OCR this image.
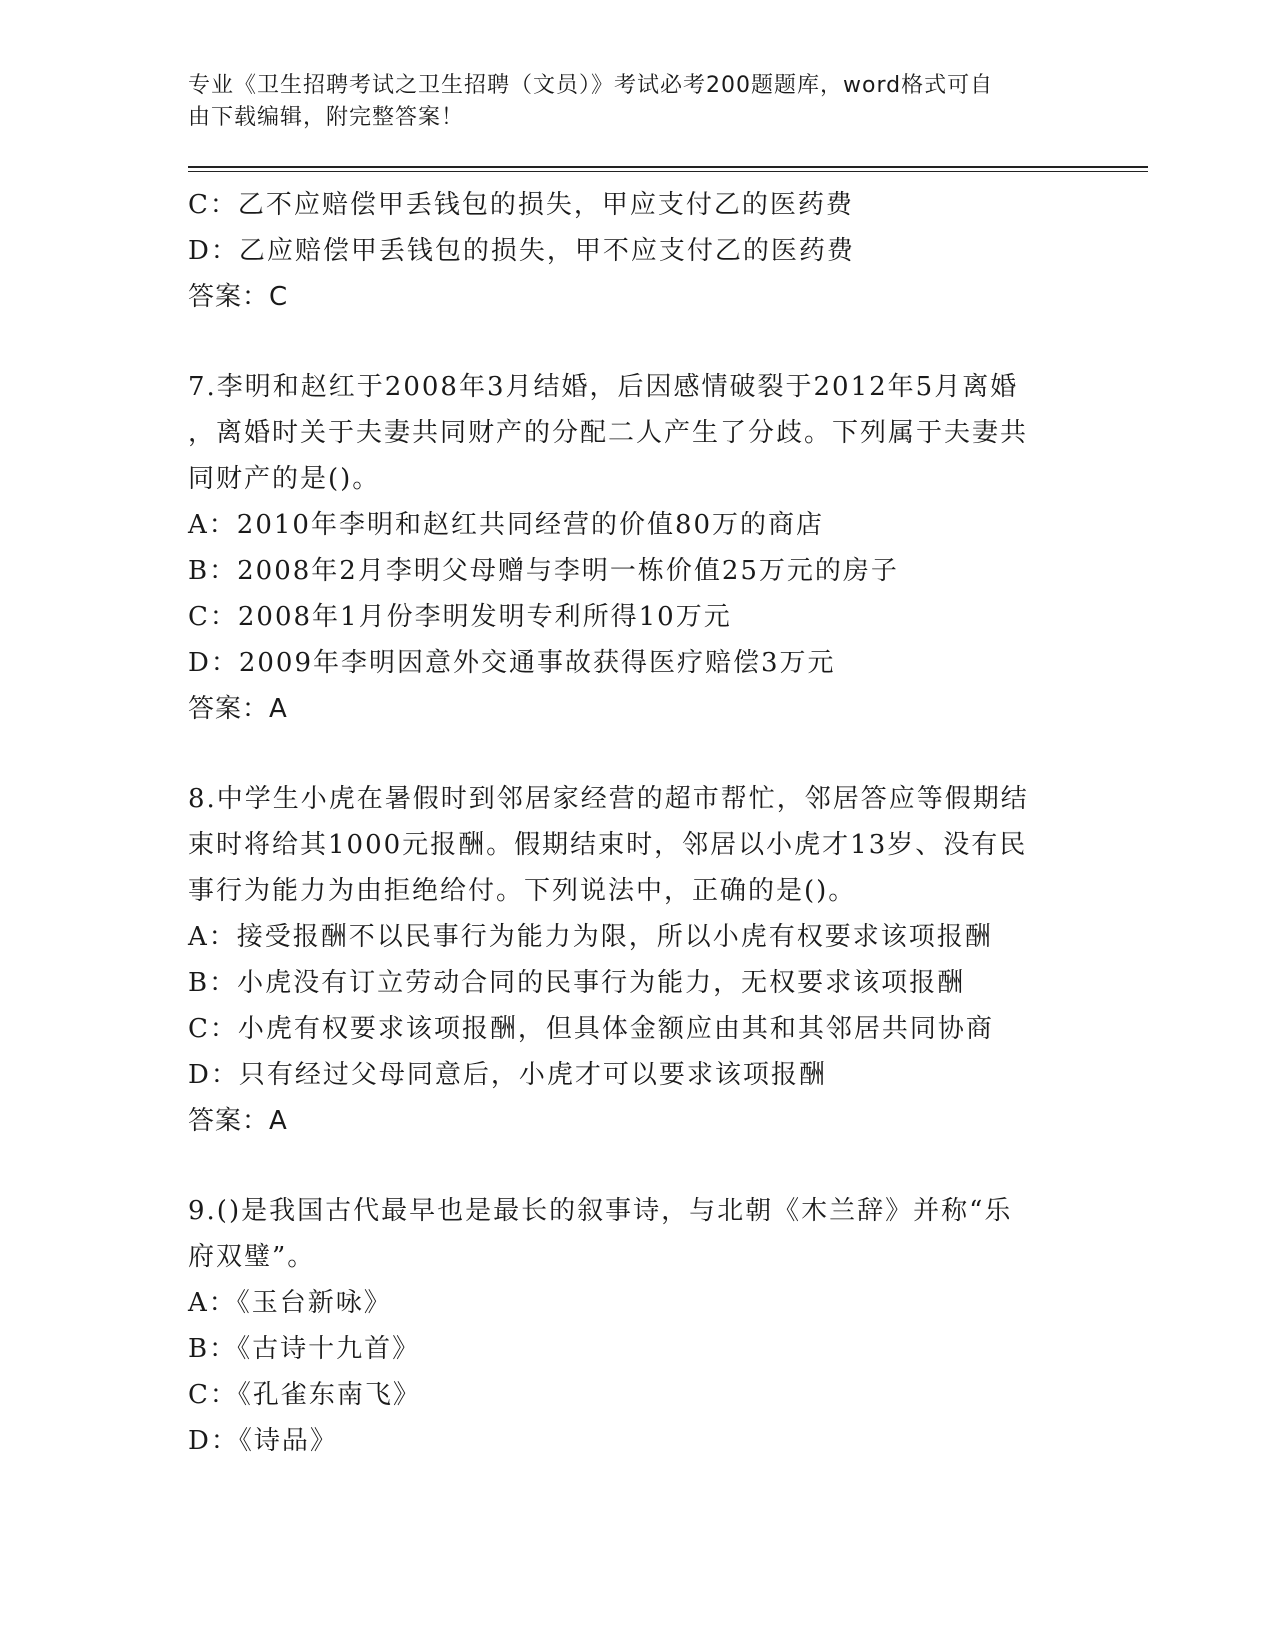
专业《卫生招聘考试之卫生招聘（文员）》考试必考200题题库，word格式可自
由下载编辑，附完整答案！
C：乙不应赔偿甲丢钱包的损失，甲应支付乙的医药费
D：乙应赔偿甲丢钱包的损失，甲不应支付乙的医药费
答案：C
7.李明和赵红于2008年3月结婚，后因感情破裂于2012年5月离婚
，离婚时关于夫妻共同财产的分配二人产生了分歧。下列属于夫妻共
同财产的是()。
A：2010年李明和赵红共同经营的价值80万的商店
B：2008年2月李明父母赠与李明一栋价值25万元的房子
C：2008年1月份李明发明专利所得10万元
D：2009年李明因意外交通事故获得医疗赔偿3万元
答案：A
8.中学生小虎在暑假时到邻居家经营的超市帮忙，邻居答应等假期结
束时将给其1000元报酬。假期结束时，邻居以小虎才13岁、没有民
事行为能力为由拒绝给付。下列说法中，正确的是()。
A：接受报酬不以民事行为能力为限，所以小虎有权要求该项报酬
B：小虎没有订立劳动合同的民事行为能力，无权要求该项报酬
C：小虎有权要求该项报酬，但具体金额应由其和其邻居共同协商
D：只有经过父母同意后，小虎才可以要求该项报酬
答案：A
9.()是我国古代最早也是最长的叙事诗，与北朝《木兰辞》并称“乐
府双璧”。
A：《玉台新咏》
B：《古诗十九首》
C：《孔雀东南飞》
D：《诗品》
